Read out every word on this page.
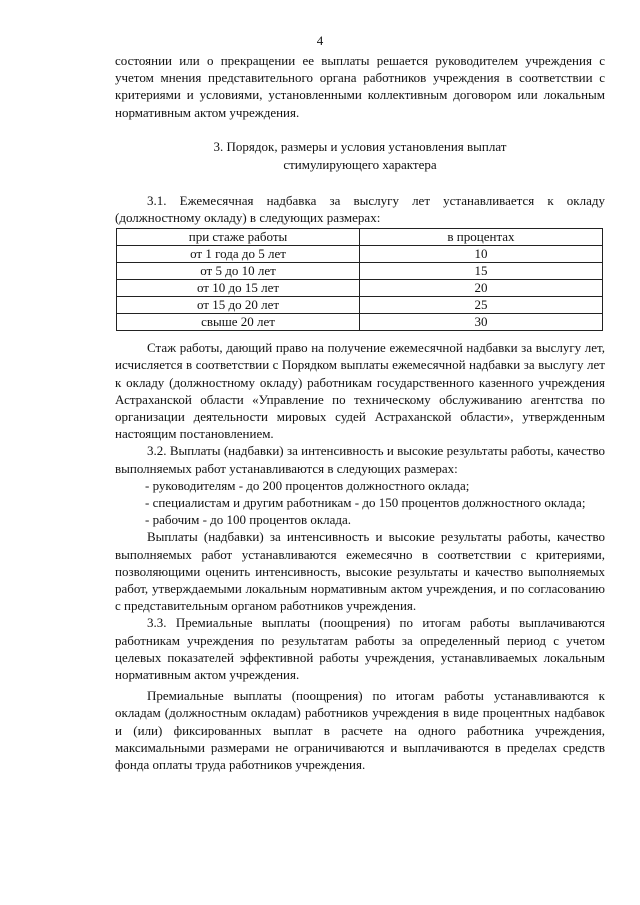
4

состоянии или о прекращении ее выплаты решается руководителем учреждения с учетом мнения представительного органа работников учреждения в соответствии с критериями и условиями, установленными коллективным договором или локальным нормативным актом учреждения.

3. Порядок, размеры и условия установления выплат
стимулирующего характера

3.1. Ежемесячная надбавка за выслугу лет устанавливается к окладу (должностному окладу) в следующих размерах:

при стаже работы	в процентах
от 1 года до 5 лет	10
от 5 до 10 лет	15
от 10 до 15 лет	20
от 15 до 20 лет	25
свыше 20 лет	30

Стаж работы, дающий право на получение ежемесячной надбавки за выслугу лет, исчисляется в соответствии с Порядком выплаты ежемесячной надбавки за выслугу лет к окладу (должностному окладу) работникам государственного казенного учреждения Астраханской области «Управление по техническому обслуживанию агентства по организации деятельности мировых судей Астраханской области», утвержденным настоящим постановлением.

3.2. Выплаты (надбавки) за интенсивность и высокие результаты работы, качество выполняемых работ устанавливаются в следующих размерах:

- руководителям - до 200 процентов должностного оклада;

- специалистам и другим работникам - до 150 процентов должностного оклада;

- рабочим - до 100 процентов оклада.

Выплаты (надбавки) за интенсивность и высокие результаты работы, качество выполняемых работ устанавливаются ежемесячно в соответствии с критериями, позволяющими оценить интенсивность, высокие результаты и качество выполняемых работ, утверждаемыми локальным нормативным актом учреждения, и по согласованию с представительным органом работников учреждения.

3.3. Премиальные выплаты (поощрения) по итогам работы выплачиваются работникам учреждения по результатам работы за определенный период с учетом целевых показателей эффективной работы учреждения, устанавливаемых локальным нормативным актом учреждения.

Премиальные выплаты (поощрения) по итогам работы устанавливаются к окладам (должностным окладам) работников учреждения в виде процентных надбавок и (или) фиксированных выплат в расчете на одного работника учреждения, максимальными размерами не ограничиваются и выплачиваются в пределах средств фонда оплаты труда работников учреждения.
